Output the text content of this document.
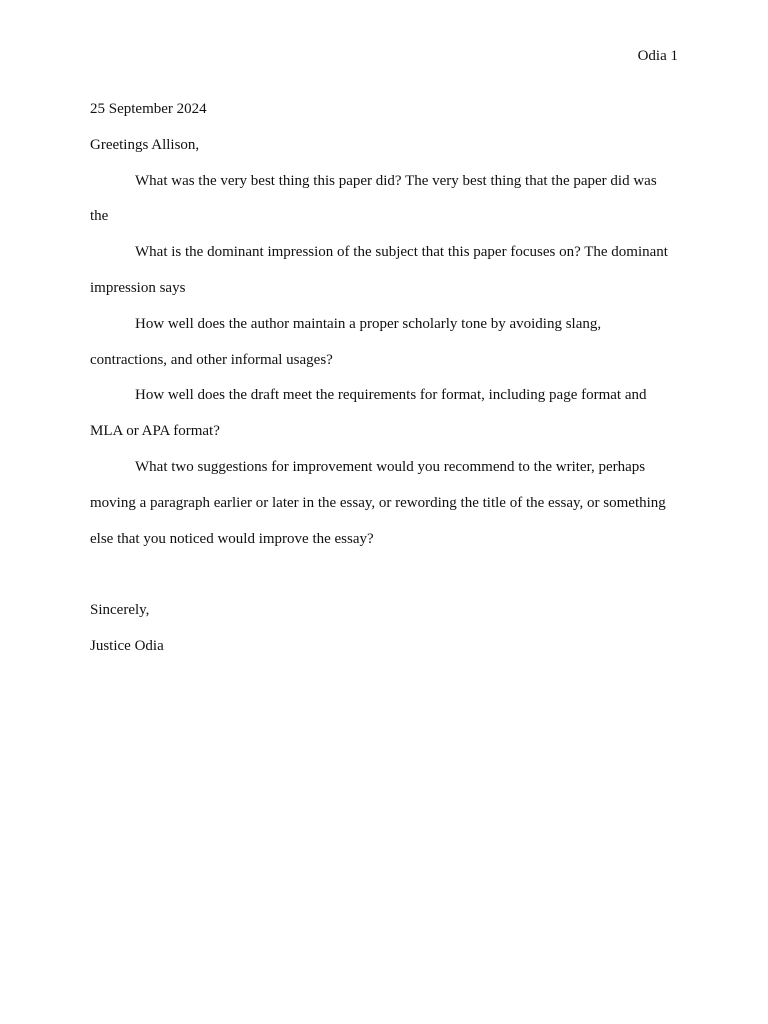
Odia 1
25 September 2024
Greetings Allison,
What was the very best thing this paper did? The very best thing that the paper did was
the
What is the dominant impression of the subject that this paper focuses on? The dominant
impression says
How well does the author maintain a proper scholarly tone by avoiding slang,
contractions, and other informal usages?
How well does the draft meet the requirements for format, including page format and
MLA or APA format?
What two suggestions for improvement would you recommend to the writer, perhaps
moving a paragraph earlier or later in the essay, or rewording the title of the essay, or something
else that you noticed would improve the essay?
Sincerely,
Justice Odia
